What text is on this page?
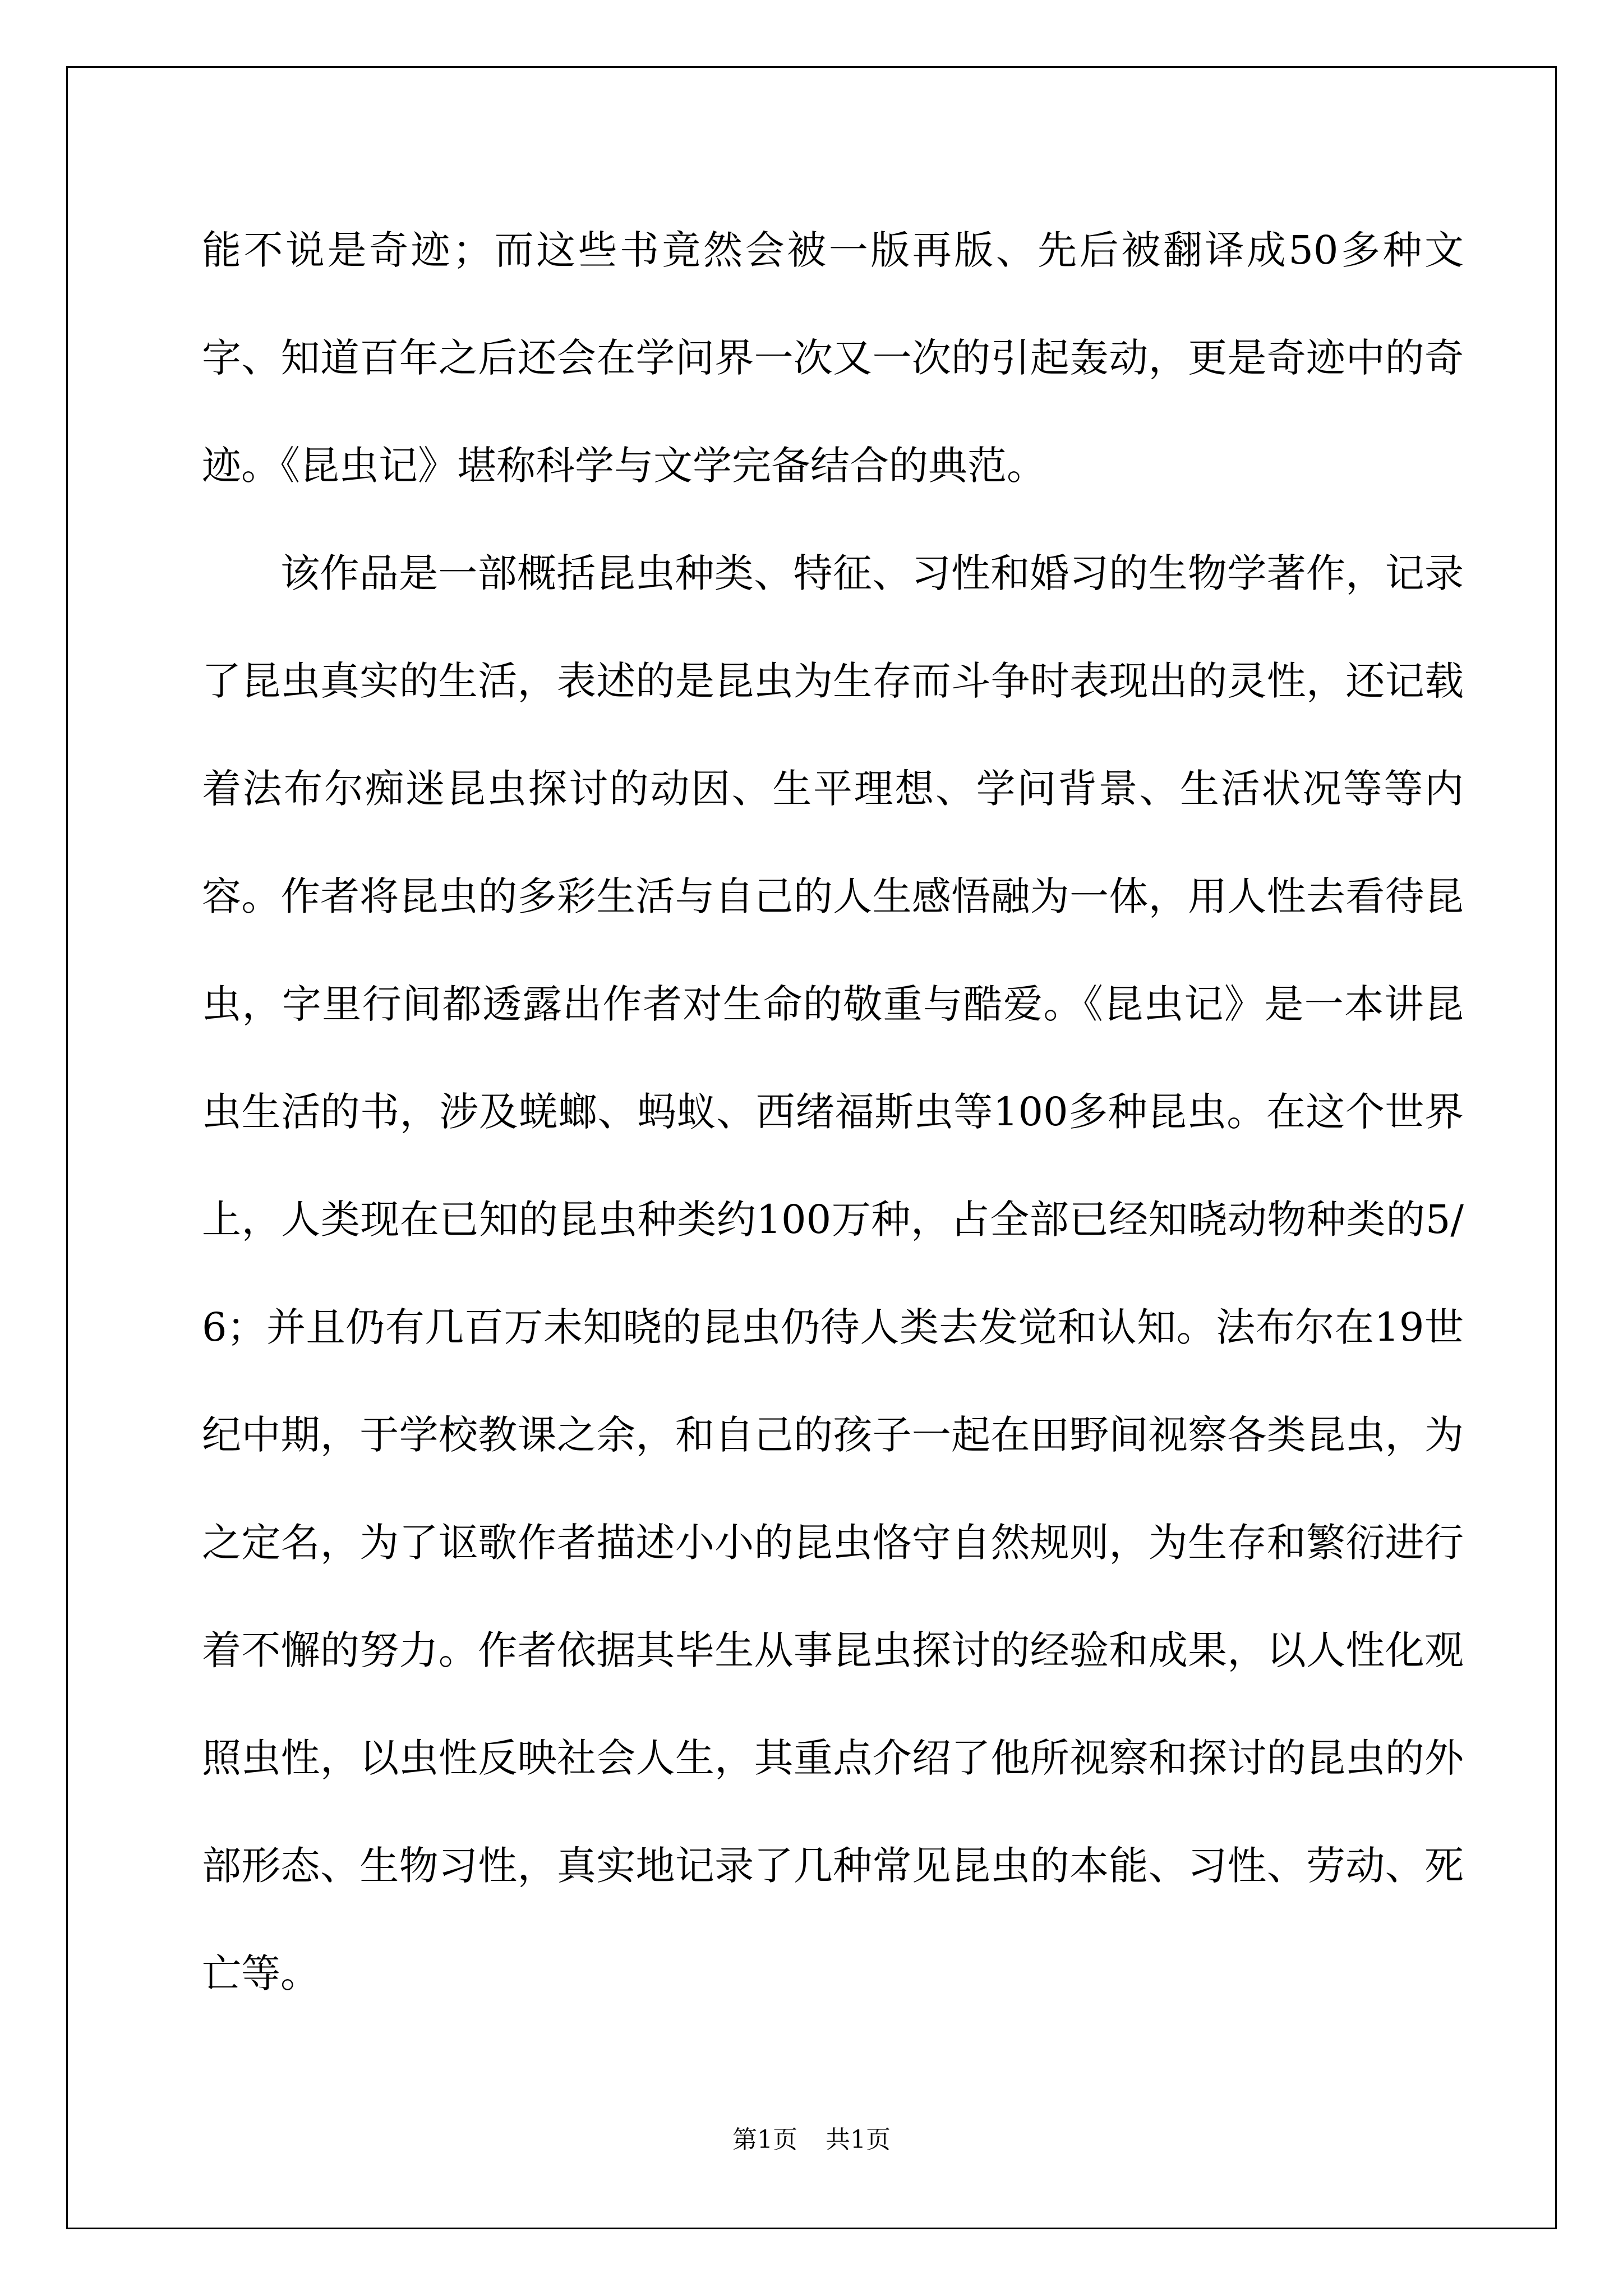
能不说是奇迹；而这些书竟然会被一版再版、先后被翻译成50多种文字、知道百年之后还会在学问界一次又一次的引起轰动，更是奇迹中的奇迹。《昆虫记》堪称科学与文学完备结合的典范。

该作品是一部概括昆虫种类、特征、习性和婚习的生物学著作，记录了昆虫真实的生活，表述的是昆虫为生存而斗争时表现出的灵性，还记载着法布尔痴迷昆虫探讨的动因、生平理想、学问背景、生活状况等等内容。作者将昆虫的多彩生活与自己的人生感悟融为一体，用人性去看待昆虫，字里行间都透露出作者对生命的敬重与酷爱。《昆虫记》是一本讲昆虫生活的书，涉及蜣螂、蚂蚁、西绪福斯虫等100多种昆虫。在这个世界上，人类现在已知的昆虫种类约100万种，占全部已经知晓动物种类的5/6；并且仍有几百万未知晓的昆虫仍待人类去发觉和认知。法布尔在19世纪中期，于学校教课之余，和自己的孩子一起在田野间视察各类昆虫，为之定名，为了讴歌作者描述小小的昆虫恪守自然规则，为生存和繁衍进行着不懈的努力。作者依据其毕生从事昆虫探讨的经验和成果，以人性化观照虫性，以虫性反映社会人生，其重点介绍了他所视察和探讨的昆虫的外部形态、生物习性，真实地记录了几种常见昆虫的本能、习性、劳动、死亡等。

第1页 共1页
